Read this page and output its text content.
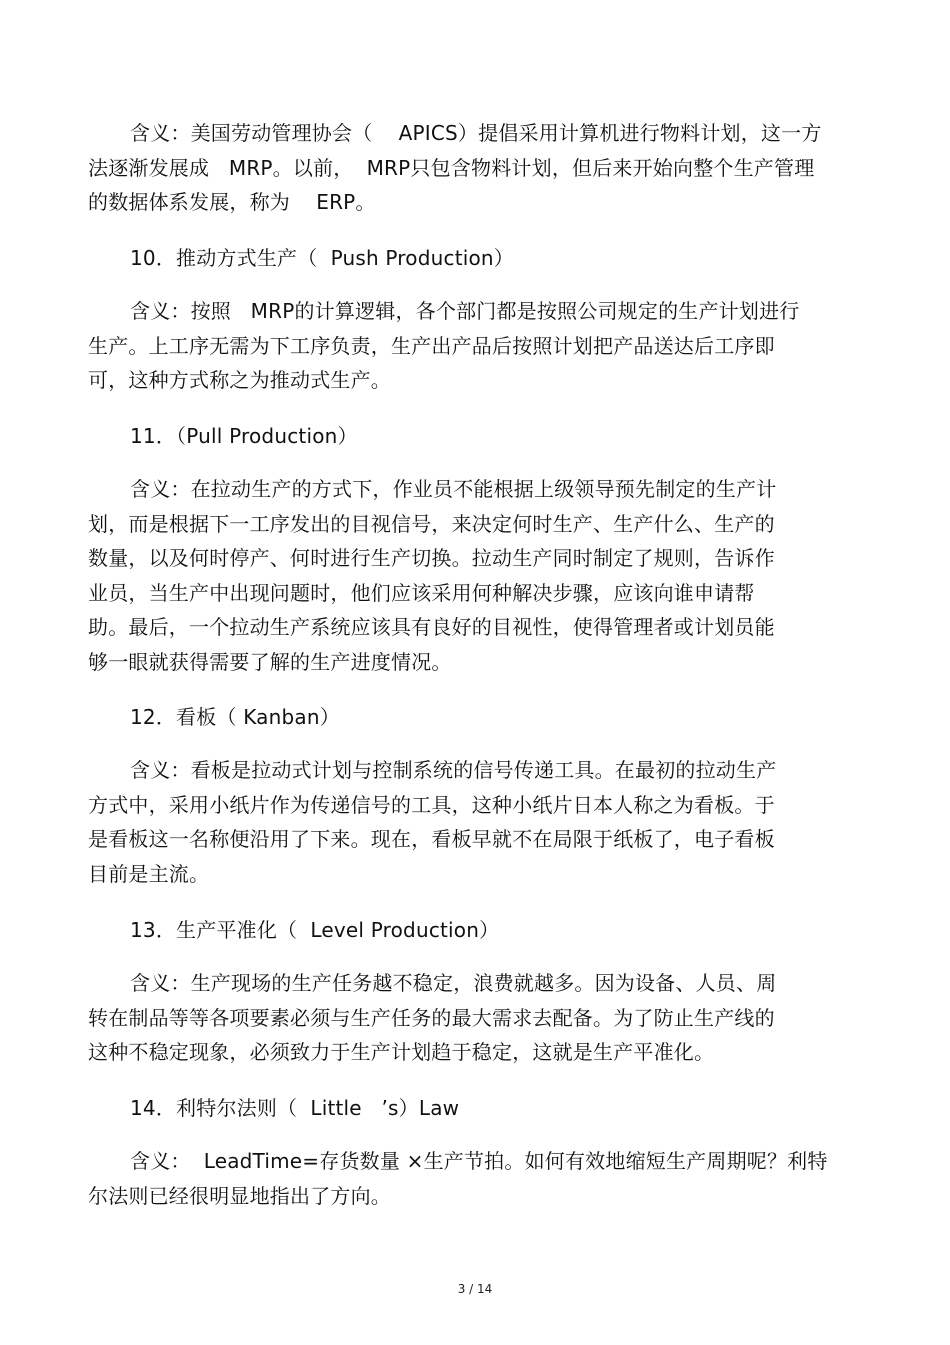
含义：美国劳动管理协会（    APICS）提倡采用计算机进行物料计划，这一方
法逐渐发展成   MRP。以前，  MRP只包含物料计划，但后来开始向整个生产管理
的数据体系发展，称为    ERP。
10．推动方式生产（  Push Production）
含义：按照   MRP的计算逻辑，各个部门都是按照公司规定的生产计划进行
生产。上工序无需为下工序负责，生产出产品后按照计划把产品送达后工序即
可，这种方式称之为推动式生产。
11．（Pull Production）
含义：在拉动生产的方式下，作业员不能根据上级领导预先制定的生产计
划，而是根据下一工序发出的目视信号，来决定何时生产、生产什么、生产的
数量，以及何时停产、何时进行生产切换。拉动生产同时制定了规则，告诉作
业员，当生产中出现问题时，他们应该采用何种解决步骤，应该向谁申请帮
助。最后，一个拉动生产系统应该具有良好的目视性，使得管理者或计划员能
够一眼就获得需要了解的生产进度情况。
12．看板（ Kanban）
含义：看板是拉动式计划与控制系统的信号传递工具。在最初的拉动生产
方式中，采用小纸片作为传递信号的工具，这种小纸片日本人称之为看板。于
是看板这一名称便沿用了下来。现在，看板早就不在局限于纸板了，电子看板
目前是主流。
13．生产平准化（  Level Production）
含义：生产现场的生产任务越不稳定，浪费就越多。因为设备、人员、周
转在制品等等各项要素必须与生产任务的最大需求去配备。为了防止生产线的
这种不稳定现象，必须致力于生产计划趋于稳定，这就是生产平准化。
14．利特尔法则（  Little   ’s）Law
含义：  LeadTime=存货数量 ×生产节拍。如何有效地缩短生产周期呢？利特
尔法则已经很明显地指出了方向。
3 / 14
